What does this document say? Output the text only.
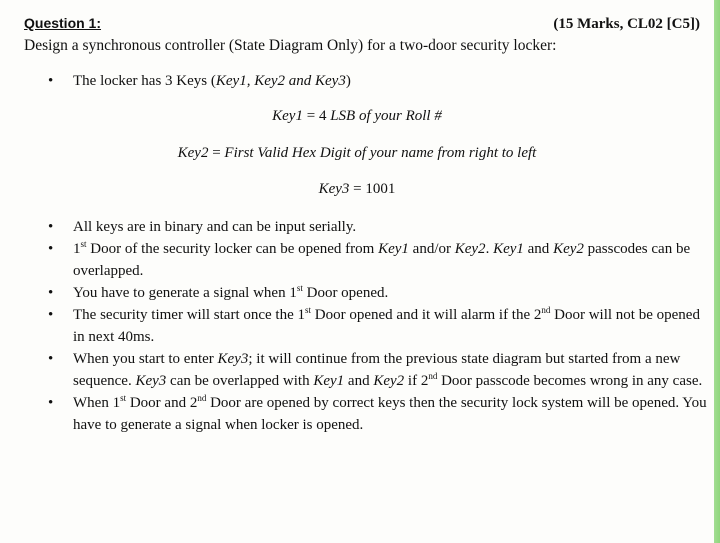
Question 1:	(15 Marks, CL02 [C5])
Design a synchronous controller (State Diagram Only) for a two-door security locker:
• The locker has 3 Keys (Key1, Key2 and Key3)
Key1 = 4 LSB of your Roll #
Key2 = First Valid Hex Digit of your name from right to left
Key3 = 1001
• All keys are in binary and can be input serially.
• 1st Door of the security locker can be opened from Key1 and/or Key2. Key1 and Key2 passcodes can be overlapped.
• You have to generate a signal when 1st Door opened.
• The security timer will start once the 1st Door opened and it will alarm if the 2nd Door will not be opened in next 40ms.
• When you start to enter Key3; it will continue from the previous state diagram but started from a new sequence. Key3 can be overlapped with Key1 and Key2 if 2nd Door passcode becomes wrong in any case.
• When 1st Door and 2nd Door are opened by correct keys then the security lock system will be opened. You have to generate a signal when locker is opened.
